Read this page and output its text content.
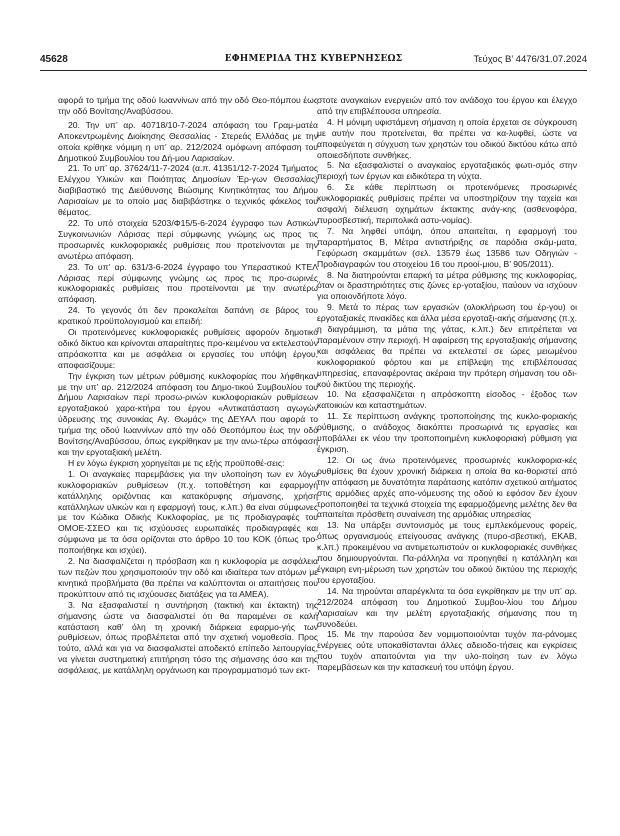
45628	ΕΦΗΜΕΡΙΔΑ ΤΗΣ ΚΥΒΕΡΝΗΣΕΩΣ	Τεύχος Β’ 4476/31.07.2024

αφορά το τμήμα της οδού Ιωαννίνων από την οδό Θεο-πόμπου έως την οδό Βονίτσης/Αναβύσσου.

20. Την υπ’ αρ. 40718/10-7-2024 απόφαση του Γραμ-ματέα Αποκεντρωμένης Διοίκησης Θεσσαλίας - Στερεάς Ελλάδας με την οποία κρίθηκε νόμιμη η υπ’ αρ. 212/2024 ομόφωνη απόφαση του Δημοτικού Συμβουλίου του Δή-μου Λαρισαίων.

21. Το υπ’ αρ. 37624/11-7-2024 (α.π. 41351/12-7-2024 Τμήματος Ελέγχου Υλικών και Ποιότητας Δημοσίων Έρ-γων Θεσσαλίας) διαβιβαστικό της Διεύθυνσης Βιώσιμης Κινητικότητας του Δήμου Λαρισαίων με το οποίο μας διαβιβάστηκε ο τεχνικός φάκελος του θέματος.

22. Το υπό στοιχεία 5203/Φ15/5-6-2024 έγγραφο των Αστικών Συγκοινωνιών Λάρισας περί σύμφωνης γνώμης ως προς τις προσωρινές κυκλοφοριακές ρυθμίσεις που προτείνονται με την ανωτέρω απόφαση.

23. Το υπ’ αρ. 631/3-6-2024 έγγραφο του Υπεραστικού ΚΤΕΛ Λάρισας περί σύμφωνης γνώμης ως προς τις προ-σωρινές κυκλοφοριακές ρυθμίσεις που προτείνονται με την ανωτέρω απόφαση.

24. Το γεγονός ότι δεν προκαλείται δαπάνη σε βάρος του κρατικού προϋπολογισμού και επειδή:

Οι προτεινόμενες κυκλοφοριακές ρυθμίσεις αφορούν δημοτικό οδικό δίκτυο και κρίνονται απαραίτητες προ-κειμένου να εκτελεστούν απρόσκοπτα και με ασφάλεια οι εργασίες του υπόψη έργου, αποφασίζουμε:

Την έγκριση των μέτρων ρύθμισης κυκλοφορίας που λήφθηκαν με την υπ’ αρ. 212/2024 απόφαση του Δημο-τικού Συμβουλίου του Δήμου Λαρισαίων περί προσω-ρινών κυκλοφοριακών ρυθμίσεων εργοταξιακού χαρα-κτήρα του έργου «Αντικατάσταση αγωγών ύδρευσης της συνοικίας Αγ. Θωμάς» της ΔΕΥΑΛ που αφορά το τμήμα της οδού Ιωαννίνων από την οδό Θεοπόμπου έως την οδό Βονίτσης/Αναβύσσου, όπως εγκρίθηκαν με την ανω-τέρω απόφαση και την εργοταξιακή μελέτη.

Η εν λόγω έγκριση χορηγείται με τις εξής προϋποθέ-σεις:

1. Οι αναγκαίες παρεμβάσεις για την υλοποίηση των εν λόγω κυκλοφοριακών ρυθμίσεων (π.χ. τοποθέτηση και εφαρμογή κατάλληλης οριζόντιας και κατακόρυφης σήμανσης, χρήση κατάλληλων υλικών και η εφαρμογή τους, κ.λπ.) θα είναι σύμφωνες με τον Κώδικα Οδικής Κυκλοφορίας, με τις προδιαγραφές του ΟΜΟΕ-ΣΣΕΟ και τις ισχύουσες ευρωπαϊκές προδιαγραφές και σύμφωνα με τα όσα ορίζονται στο άρθρο 10 του ΚΟΚ (όπως τρο-ποποιήθηκε και ισχύει).

2. Να διασφαλίζεται η πρόσβαση και η κυκλοφορία με ασφάλεια των πεζών που χρησιμοποιούν την οδό και ιδιαίτερα των ατόμων με κινητικά προβλήματα (θα πρέπει να καλύπτονται οι απαιτήσεις που προκύπτουν από τις ισχύουσες διατάξεις για τα ΑΜΕΑ).

3. Να εξασφαλιστεί η συντήρηση (τακτική και έκτακτη) της σήμανσης ώστε να διασφαλιστεί ότι θα παραμένει σε καλή κατάσταση καθ’ όλη τη χρονική διάρκεια εφαρμο-γής των ρυθμίσεων, όπως προβλέπεται από την σχετική νομοθεσία. Προς τούτο, αλλά και για να διασφαλιστεί αποδεκτό επίπεδο λειτουργίας, να γίνεται συστηματική επιτήρηση τόσο της σήμανσης όσο και της ασφάλειας, με κατάλληλη οργάνωση και προγραμματισμό των εκτ-

στοτε αναγκαίων ενεργειών από τον ανάδοχο του έργου και έλεγχο από την επιβλέπουσα υπηρεσία.

4. Η μόνιμη υφιστάμενη σήμανση η οποία έρχεται σε σύγκρουση με αυτήν που προτείνεται, θα πρέπει να κα-λυφθεί, ώστε να αποφεύγεται η σύγχυση των χρηστών του οδικού δικτύου κάτω από οποιεσδήποτε συνθήκες.

5. Να εξασφαλιστεί ο αναγκαίος εργοταξιακός φωτι-σμός στην περιοχή των έργων και ειδικότερα τη νύχτα.

6. Σε κάθε περίπτωση οι προτεινόμενες προσωρινές κυκλοφοριακές ρυθμίσεις πρέπει να υποστηρίζουν τηγ ταχεία και ασφαλή διέλευση οχημάτων έκτακτης ανάγ-κης (ασθενοφόρα, πυροσβεστική, περιπολικά αστυ-νομίας).

7. Να ληφθεί υπόψη, όπου απαιτείται, η εφαρμογή του παραρτήματος Β, Μέτρα αντιστήριξης σε παρόδια σκάμ-ματα, Γεφύρωση σκαμμάτων (σελ. 13579 έως 13586 των Οδηγιών - Προδιαγραφών του στοιχείου 16 του προοί-μιου, Β’ 905/2011).

8. Να διατηρούνται επαρκή τα μέτρα ρύθμισης της κυκλοφορίας, όταν οι δραστηριότητες στις ζώνες ερ-γοταξίου, παύουν να ισχύουν για οποιονδήποτε λόγο.

9. Μετά το πέρας των εργασιών (ολοκλήρωση του έρ-γου) οι εργοταξιακές πινακίδες και άλλα μέσα εργοταξι-ακής σήμανσης (π.χ. η διαγράμμιση, τα μάτια της γάτας, κ.λπ.) δεν επιτρέπεται να παραμένουν στην περιοχή. Η αφαίρεση της εργοταξιακής σήμανσης και ασφάλειας θα πρέπει να εκτελεστεί σε ώρες μειωμένου κυκλοφοριακού φόρτου και με επίβλεψη της επιβλέπουσας υπηρεσίας, επαναφέροντας ακέραια την πρότερη σήμανση του οδι-κού δικτύου της περιοχής.

10. Να εξασφαλίζεται η απρόσκοπτη είσοδος - έξοδος των κατοικιών και καταστημάτων.

11. Σε περίπτωση ανάγκης τροποποίησης της κυκλο-φοριακής ρύθμισης, ο ανάδοχος διακόπτει προσωρινά τις εργασίες και υποβάλλει εκ νέου την τροποποιημένη κυκλοφοριακή ρύθμιση για έγκριση.

12. Οι ως άνω προτεινόμενες προσωρινές κυκλοφορια-κές ρυθμίσεις θα έχουν χρονική διάρκεια η οποία θα κα-θοριστεί από την απόφαση με δυνατότητα παράτασης κατόπιν σχετικού αιτήματος στις αρμόδιες αρχές απο-νόμευσης της οδού κι εφόσον δεν έχουν τροποποιηθεί τα τεχνικά στοιχεία της εφαρμοζόμενης μελέτης δεν θα απαιτείται πρόσθετη συναίνεση της αρμόδιας υπηρεσίας

13. Να υπάρξει συντονισμός με τους εμπλεκόμενους φορείς, όπως οργανισμούς επείγουσας ανάγκης (πυρο-σβεστική, ΕΚΑΒ, κ.λπ.) προκειμένου να αντιμετωπιστούν οι κυκλοφοριακές συνθήκες που δημιουργούνται. Πα-ράλληλα να προηγηθεί η κατάλληλη και έγκαιρη ενη-μέρωση των χρηστών του οδικού δικτύου της περιοχής του εργοταξίου.

14. Να τηρούνται απαρέγκλιτα τα όσα εγκρίθηκαν με την υπ’ αρ. 212/2024 απόφαση του Δημοτικού Συμβου-λίου του Δήμου Λαρισαίων και την μελέτη εργοταξιακής σήμανσης που τη συνοδεύει.

15. Με την παρούσα δεν νομιμοποιούνται τυχόν πα-ράνομες ενέργειες ούτε υποκαθίστανται άλλες αδειοδο-τήσεις και εγκρίσεις που τυχόν απαιτούνται για την υλο-ποίηση των εν λόγω παρεμβάσεων και την κατασκευή του υπόψη έργου.
